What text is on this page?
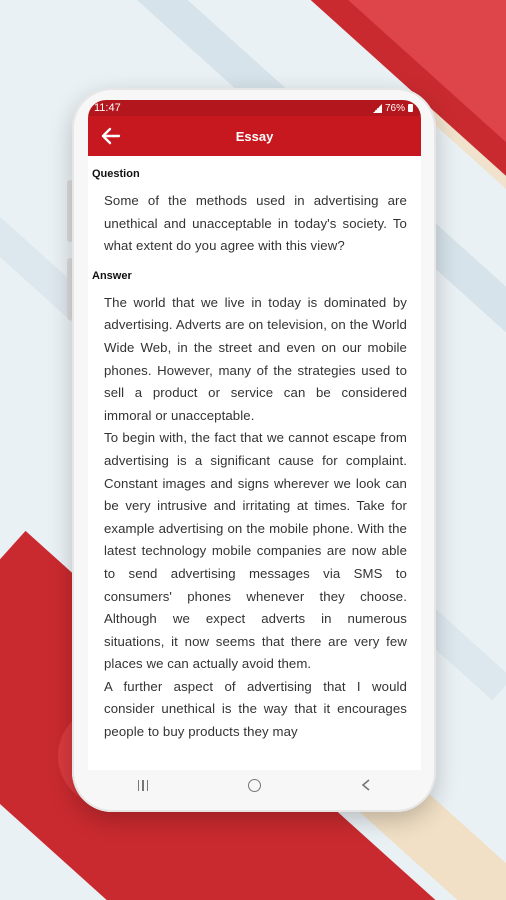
11:47	76%
Essay
Question

Some of the methods used in advertising are unethical and unacceptable in today's society. To what extent do you agree with this view?

Answer

The world that we live in today is dominated by advertising. Adverts are on television, on the World Wide Web, in the street and even on our mobile phones. However, many of the strategies used to sell a product or service can be considered immoral or unacceptable.

To begin with, the fact that we cannot escape from advertising is a significant cause for complaint. Constant images and signs wherever we look can be very intrusive and irritating at times. Take for example advertising on the mobile phone. With the latest technology mobile companies are now able to send advertising messages via SMS to consumers' phones whenever they choose. Although we expect adverts in numerous situations, it now seems that there are very few places we can actually avoid them.

A further aspect of advertising that I would consider unethical is the way that it encourages people to buy products they may
